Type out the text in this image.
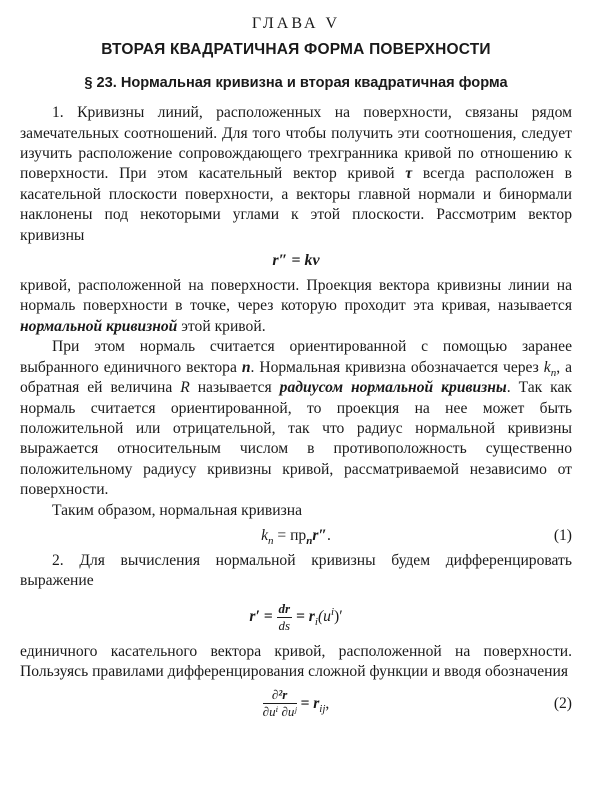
ГЛАВА V
ВТОРАЯ КВАДРАТИЧНАЯ ФОРМА ПОВЕРХНОСТИ
§ 23. Нормальная кривизна и вторая квадратичная форма

1. Кривизны линий, расположенных на поверхности, связаны рядом замечательных соотношений. Для того чтобы получить эти соотношения, следует изучить расположение сопровождающего трехгранника кривой по отношению к поверхности. При этом касательный вектор кривой τ всегда расположен в касательной плоскости поверхности, а векторы главной нормали и бинормали наклонены под некоторыми углами к этой плоскости. Рассмотрим вектор кривизны

r″ = kν

кривой, расположенной на поверхности. Проекция вектора кривизны линии на нормаль поверхности в точке, через которую проходит эта кривая, называется нормальной кривизной этой кривой.

При этом нормаль считается ориентированной с помощью заранее выбранного единичного вектора n. Нормальная кривизна обозначается через $k_n$, а обратная ей величина R называется радиусом нормальной кривизны. Так как нормаль считается ориентированной, то проекция на нее может быть положительной или отрицательной, так что радиус нормальной кривизны выражается относительным числом в противоположность существенно положительному радиусу кривизны кривой, рассматриваемой независимо от поверхности.

Таким образом, нормальная кривизна

$k_n = пр_nr''$.	(1)

2. Для вычисления нормальной кривизны будем дифференцировать выражение

$r' = \frac{dr}{ds} = r_i(u^i)'$

единичного касательного вектора кривой, расположенной на поверхности. Пользуясь правилами дифференцирования сложной функции и вводя обозначения

$\frac{\text{∂²r}}{\text{∂uⁱ ∂uʲ}} = r_{ij}$,	(2)
